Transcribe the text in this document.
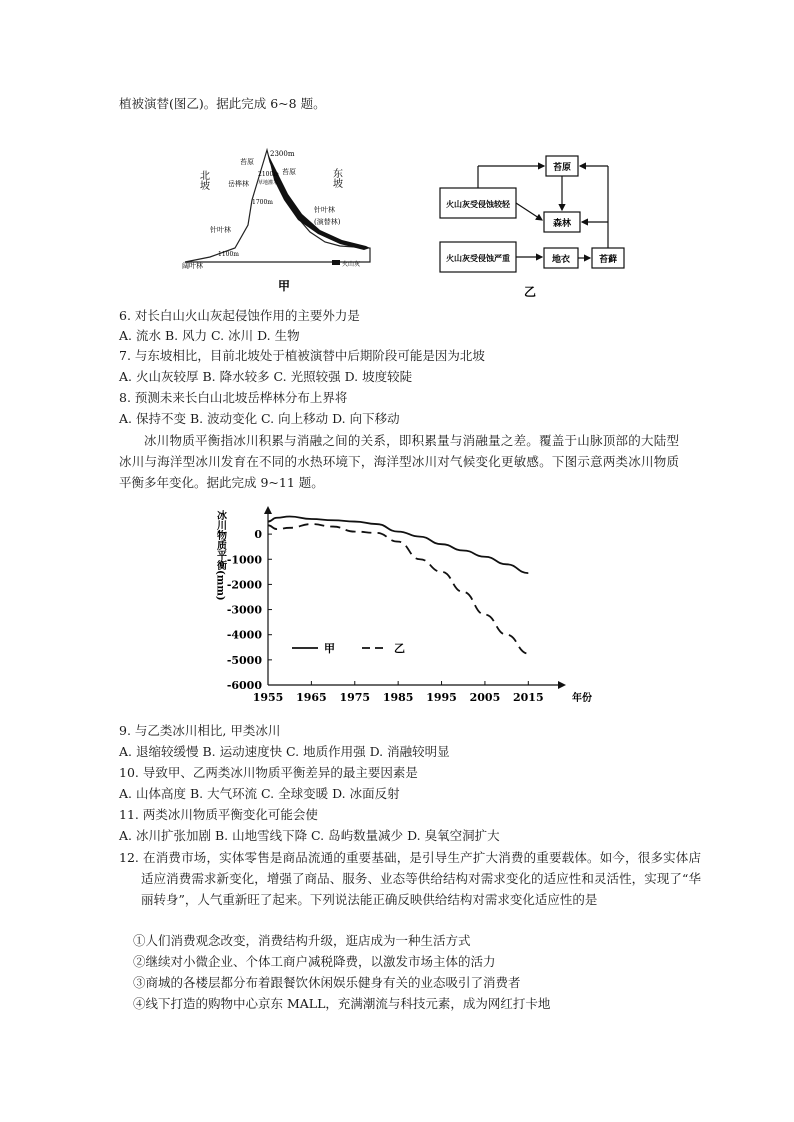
植被演替(图乙)。据此完成 6~8 题。
北坡	东坡
2300m
苔原
岳桦林
针叶林
阔叶林
苔原
针叶林
(演替林)
2100m
草地灌木
1700m
1100m
火山灰
甲
苔原
火山灰受侵蚀较轻
森林
火山灰受侵蚀严重	地衣	苔藓
乙
6. 对长白山火山灰起侵蚀作用的主要外力是
A. 流水 B. 风力 C. 冰川 D. 生物
7. 与东坡相比，目前北坡处于植被演替中后期阶段可能是因为北坡
A. 火山灰较厚 B. 降水较多 C. 光照较强 D. 坡度较陡
8. 预测未来长白山北坡岳桦林分布上界将
A. 保持不变 B. 波动变化 C. 向上移动 D. 向下移动
冰川物质平衡指冰川积累与消融之间的关系，即积累量与消融量之差。覆盖于山脉顶部的大陆型冰川与海洋型冰川发育在不同的水热环境下，海洋型冰川对气候变化更敏感。下图示意两类冰川物质平衡多年变化。据此完成 9~11 题。
冰川物质平衡(mm)
1955 1965 1975 1985 1995 2005 2015	年份
0
-1000
-2000
-3000
-4000
-5000
-6000
甲	乙
9. 与乙类冰川相比, 甲类冰川
A. 退缩较缓慢 B. 运动速度快 C. 地质作用强 D. 消融较明显
10. 导致甲、乙两类冰川物质平衡差异的最主要因素是
A. 山体高度 B. 大气环流 C. 全球变暖 D. 冰面反射
11. 两类冰川物质平衡变化可能会使
A. 冰川扩张加剧 B. 山地雪线下降 C. 岛屿数量减少 D. 臭氧空洞扩大
12. 在消费市场，实体零售是商品流通的重要基础，是引导生产扩大消费的重要载体。如今，很多实体店适应消费需求新变化，增强了商品、服务、业态等供给结构对需求变化的适应性和灵活性，实现了“华丽转身”，人气重新旺了起来。下列说法能正确反映供给结构对需求变化适应性的是
①人们消费观念改变，消费结构升级，逛店成为一种生活方式
②继续对小微企业、个体工商户减税降费，以激发市场主体的活力
③商城的各楼层都分布着跟餐饮休闲娱乐健身有关的业态吸引了消费者
④线下打造的购物中心京东 MALL，充满潮流与科技元素，成为网红打卡地
